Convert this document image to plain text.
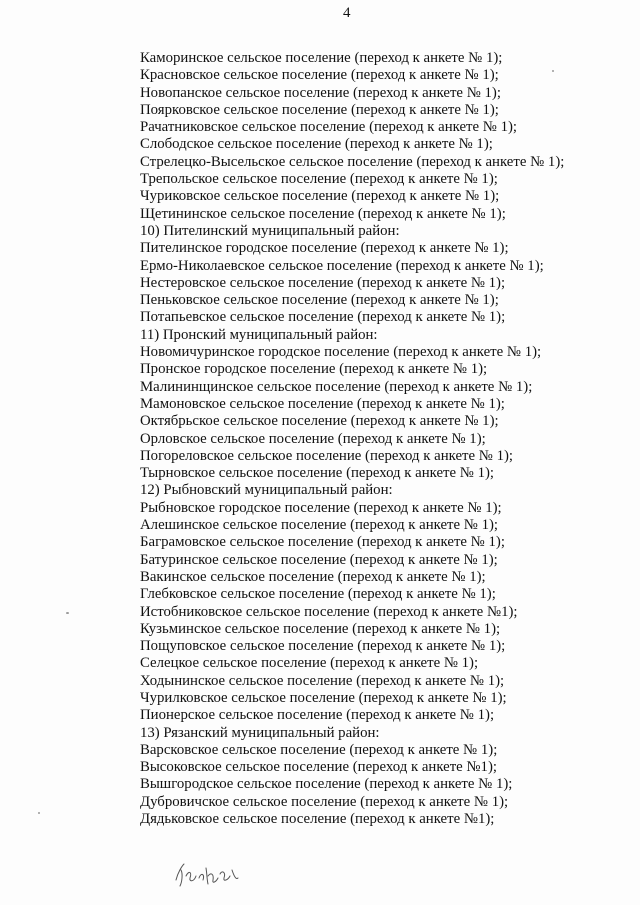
4
Каморинское сельское поселение (переход к анкете № 1);
Красновское сельское поселение (переход к анкете № 1);
Новопанское сельское поселение (переход к анкете № 1);
Поярковское сельское поселение (переход к анкете № 1);
Рачатниковское сельское поселение (переход к анкете № 1);
Слободское сельское поселение (переход к анкете № 1);
Стрелецко-Высельское сельское поселение (переход к анкете № 1);
Трепольское сельское поселение (переход к анкете № 1);
Чуриковское сельское поселение (переход к анкете № 1);
Щетининское сельское поселение (переход к анкете № 1);
10) Пителинский муниципальный район:
Пителинское городское поселение (переход к анкете № 1);
Ермо-Николаевское сельское поселение (переход к анкете № 1);
Нестеровское сельское поселение (переход к анкете № 1);
Пеньковское сельское поселение (переход к анкете № 1);
Потапьевское сельское поселение (переход к анкете № 1);
11) Пронский муниципальный район:
Новомичуринское городское поселение (переход к анкете № 1);
Пронское городское поселение (переход к анкете № 1);
Малининщинское сельское поселение (переход к анкете № 1);
Мамоновское сельское поселение (переход к анкете № 1);
Октябрьское сельское поселение (переход к анкете № 1);
Орловское сельское поселение (переход к анкете № 1);
Погореловское сельское поселение (переход к анкете № 1);
Тырновское сельское поселение (переход к анкете № 1);
12) Рыбновский муниципальный район:
Рыбновское городское поселение (переход к анкете № 1);
Алешинское сельское поселение (переход к анкете № 1);
Баграмовское сельское поселение (переход к анкете № 1);
Батуринское сельское поселение (переход к анкете № 1);
Вакинское сельское поселение (переход к анкете № 1);
Глебковское сельское поселение (переход к анкете № 1);
Истобниковское сельское поселение (переход к анкете №1);
Кузьминское сельское поселение (переход к анкете № 1);
Пощуповское сельское поселение (переход к анкете № 1);
Селецкое сельское поселение (переход к анкете № 1);
Ходынинское сельское поселение (переход к анкете № 1);
Чурилковское сельское поселение (переход к анкете № 1);
Пионерское сельское поселение (переход к анкете № 1);
13) Рязанский муниципальный район:
Варсковское сельское поселение (переход к анкете № 1);
Высоковское сельское поселение (переход к анкете №1);
Вышгородское сельское поселение (переход к анкете № 1);
Дубровичское сельское поселение (переход к анкете № 1);
Дядьковское сельское поселение (переход к анкете №1);
